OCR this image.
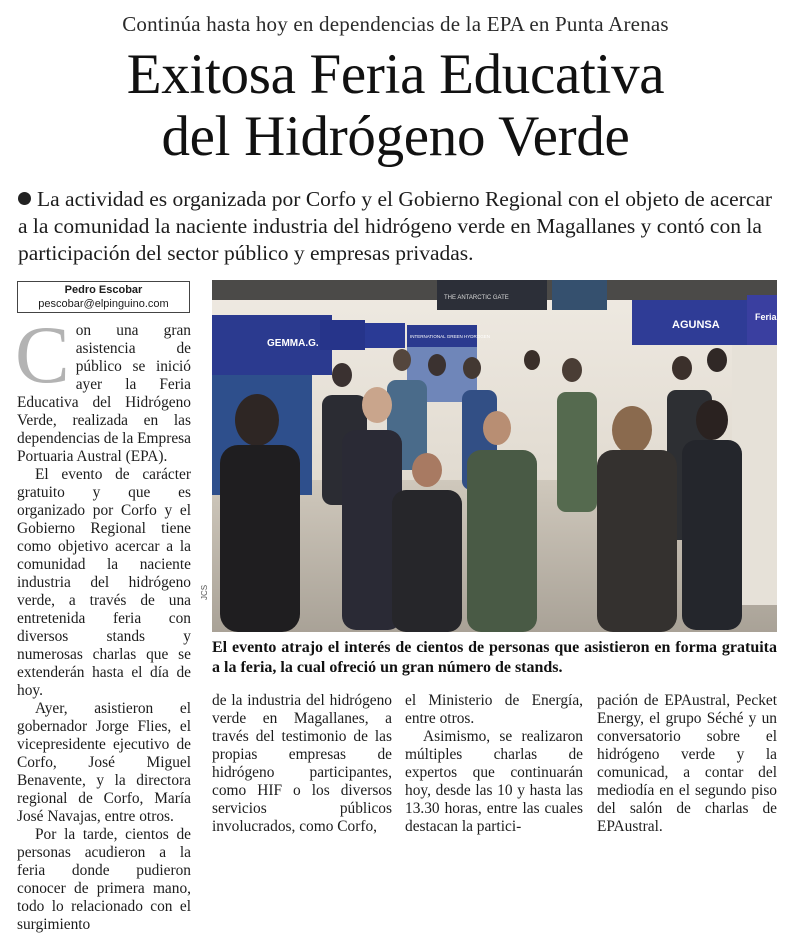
Continúa hasta hoy en dependencias de la EPA en Punta Arenas
Exitosa Feria Educativa
del Hidrógeno Verde
La actividad es organizada por Corfo y el Gobierno Regional con el objeto de acercar a la comunidad la naciente industria del hidrógeno verde en Magallanes y contó con la participación del sector público y empresas privadas.
Pedro Escobar
pescobar@elpinguino.com

Con una gran asistencia de público se inició ayer la Feria Educativa del Hidrógeno Verde, realizada en las dependencias de la Empresa Portuaria Austral (EPA).

El evento de carácter gratuito y que es organizado por Corfo y el Gobierno Regional tiene como objetivo acercar a la comunidad la naciente industria del hidrógeno verde, a través de una entretenida feria con diversos stands y numerosas charlas que se extenderán hasta el día de hoy.

Ayer, asistieron el gobernador Jorge Flies, el vicepresidente ejecutivo de Corfo, José Miguel Benavente, y la directora regional de Corfo, María José Navajas, entre otros.

Por la tarde, cientos de personas acudieron a la feria donde pudieron conocer de primera mano, todo lo relacionado con el surgimiento

GEMMA.G.
AGUNSA
Feria
THE ANTARCTIC GATE
INTERNATIONAL GREEN HYDROGEN
JCS
El evento atrajo el interés de cientos de personas que asistieron en forma gratuita a la feria, la cual ofreció un gran número de stands.

de la industria del hidrógeno verde en Magallanes, a través del testimonio de las propias empresas de hidrógeno participantes, como HIF o los diversos servicios públicos involucrados, como Corfo,

el Ministerio de Energía, entre otros.

Asimismo, se realizaron múltiples charlas de expertos que continuarán hoy, desde las 10 y hasta las 13.30 horas, entre las cuales destacan la partici-

pación de EPAustral, Pecket Energy, el grupo Séché y un conversatorio sobre el hidrógeno verde y la comunicad, a contar del mediodía en el segundo piso del salón de charlas de EPAustral.
